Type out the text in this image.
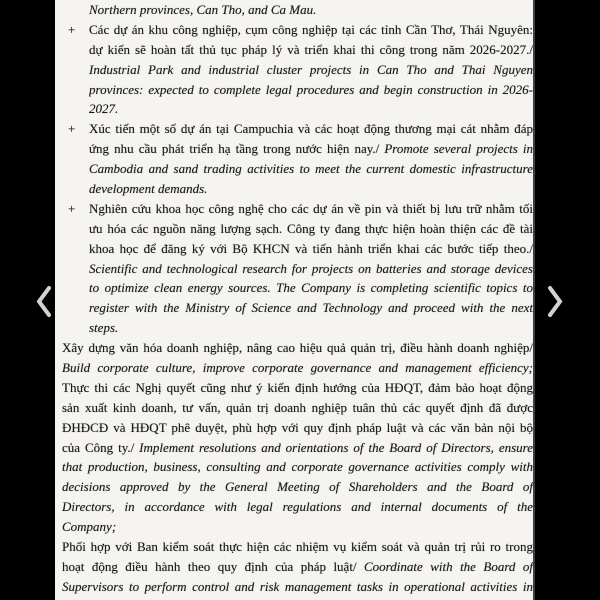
Northern provinces, Can Tho, and Ca Mau.
+ Các dự án khu công nghiệp, cụm công nghiệp tại các tỉnh Cần Thơ, Thái Nguyên:
dự kiến sẽ hoàn tất thủ tục pháp lý và triển khai thi công trong năm 2026-2027./
Industrial Park and industrial cluster projects in Can Tho and Thai Nguyen
provinces: expected to complete legal procedures and begin construction in 2026-
2027.
+ Xúc tiến một số dự án tại Campuchia và các hoạt động thương mại cát nhằm đáp
ứng nhu cầu phát triển hạ tầng trong nước hiện nay./ Promote several projects in
Cambodia and sand trading activities to meet the current domestic infrastructure
development demands.
+ Nghiên cứu khoa học công nghệ cho các dự án về pin và thiết bị lưu trữ nhằm tối
ưu hóa các nguồn năng lượng sạch. Công ty đang thực hiện hoàn thiện các đề tài
khoa học để đăng ký với Bộ KHCN và tiến hành triển khai các bước tiếp theo./
Scientific and technological research for projects on batteries and storage devices
to optimize clean energy sources. The Company is completing scientific topics to
register with the Ministry of Science and Technology and proceed with the next
steps.
Xây dựng văn hóa doanh nghiệp, nâng cao hiệu quả quản trị, điều hành doanh nghiệp/
Build corporate culture, improve corporate governance and management efficiency;
Thực thi các Nghị quyết cũng như ý kiến định hướng của HĐQT, đảm bảo hoạt động
sản xuất kinh doanh, tư vấn, quản trị doanh nghiệp tuân thủ các quyết định đã được
ĐHĐCĐ và HĐQT phê duyệt, phù hợp với quy định pháp luật và các văn bản nội bộ
của Công ty./ Implement resolutions and orientations of the Board of Directors, ensure
that production, business, consulting and corporate governance activities comply with
decisions approved by the General Meeting of Shareholders and the Board of
Directors, in accordance with legal regulations and internal documents of the
Company;
Phối hợp với Ban kiểm soát thực hiện các nhiệm vụ kiểm soát và quản trị rủi ro trong
hoạt động điều hành theo quy định của pháp luật/ Coordinate with the Board of
Supervisors to perform control and risk management tasks in operational activities in
